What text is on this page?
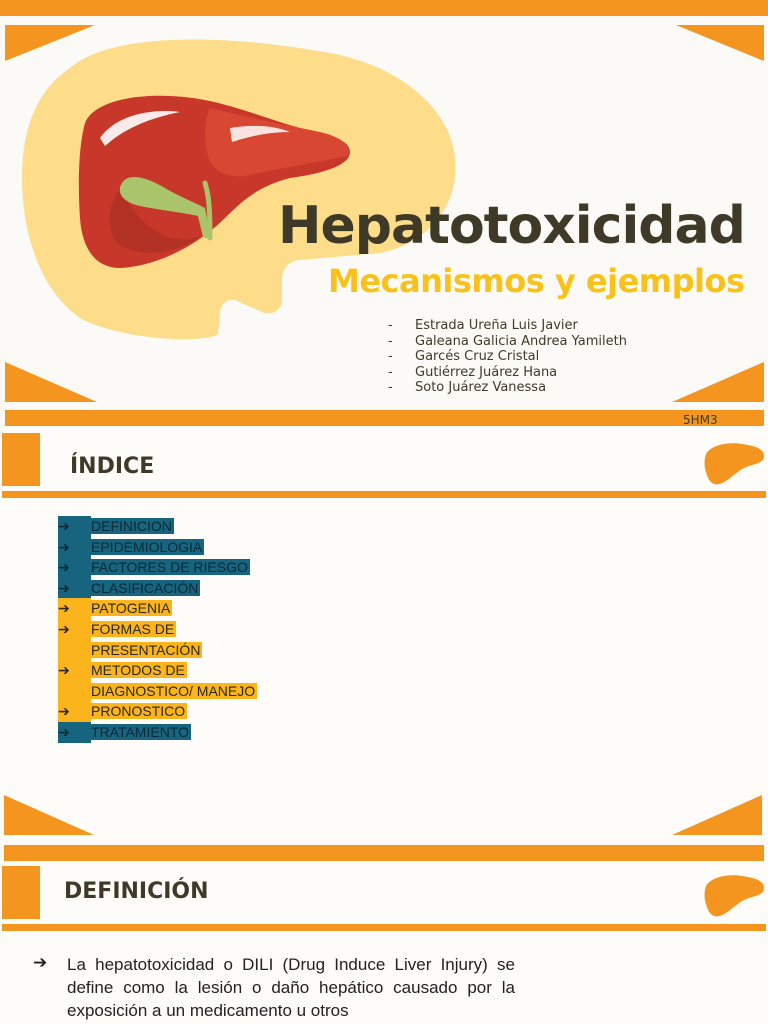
Hepatotoxicidad
Mecanismos y ejemplos
-	Estrada Ureña Luis Javier
-	Galeana Galicia Andrea Yamileth
-	Garcés Cruz Cristal
-	Gutiérrez Juárez Hana
-	Soto Juárez Vanessa
5HM3
ÍNDICE
➔	DEFINICION
➔	EPIDEMIOLOGIA
➔	FACTORES DE RIESGO
➔	CLASIFICACIÓN
➔	PATOGENIA
➔	FORMAS DE
PRESENTACIÓN
➔	METODOS DE
DIAGNOSTICO/ MANEJO
➔	PRONOSTICO
➔	TRATAMIENTO
DEFINICIÓN
➔ La hepatotoxicidad o DILI (Drug Induce Liver Injury) se define como la lesión o daño hepático causado por la exposición a un medicamento u otros
